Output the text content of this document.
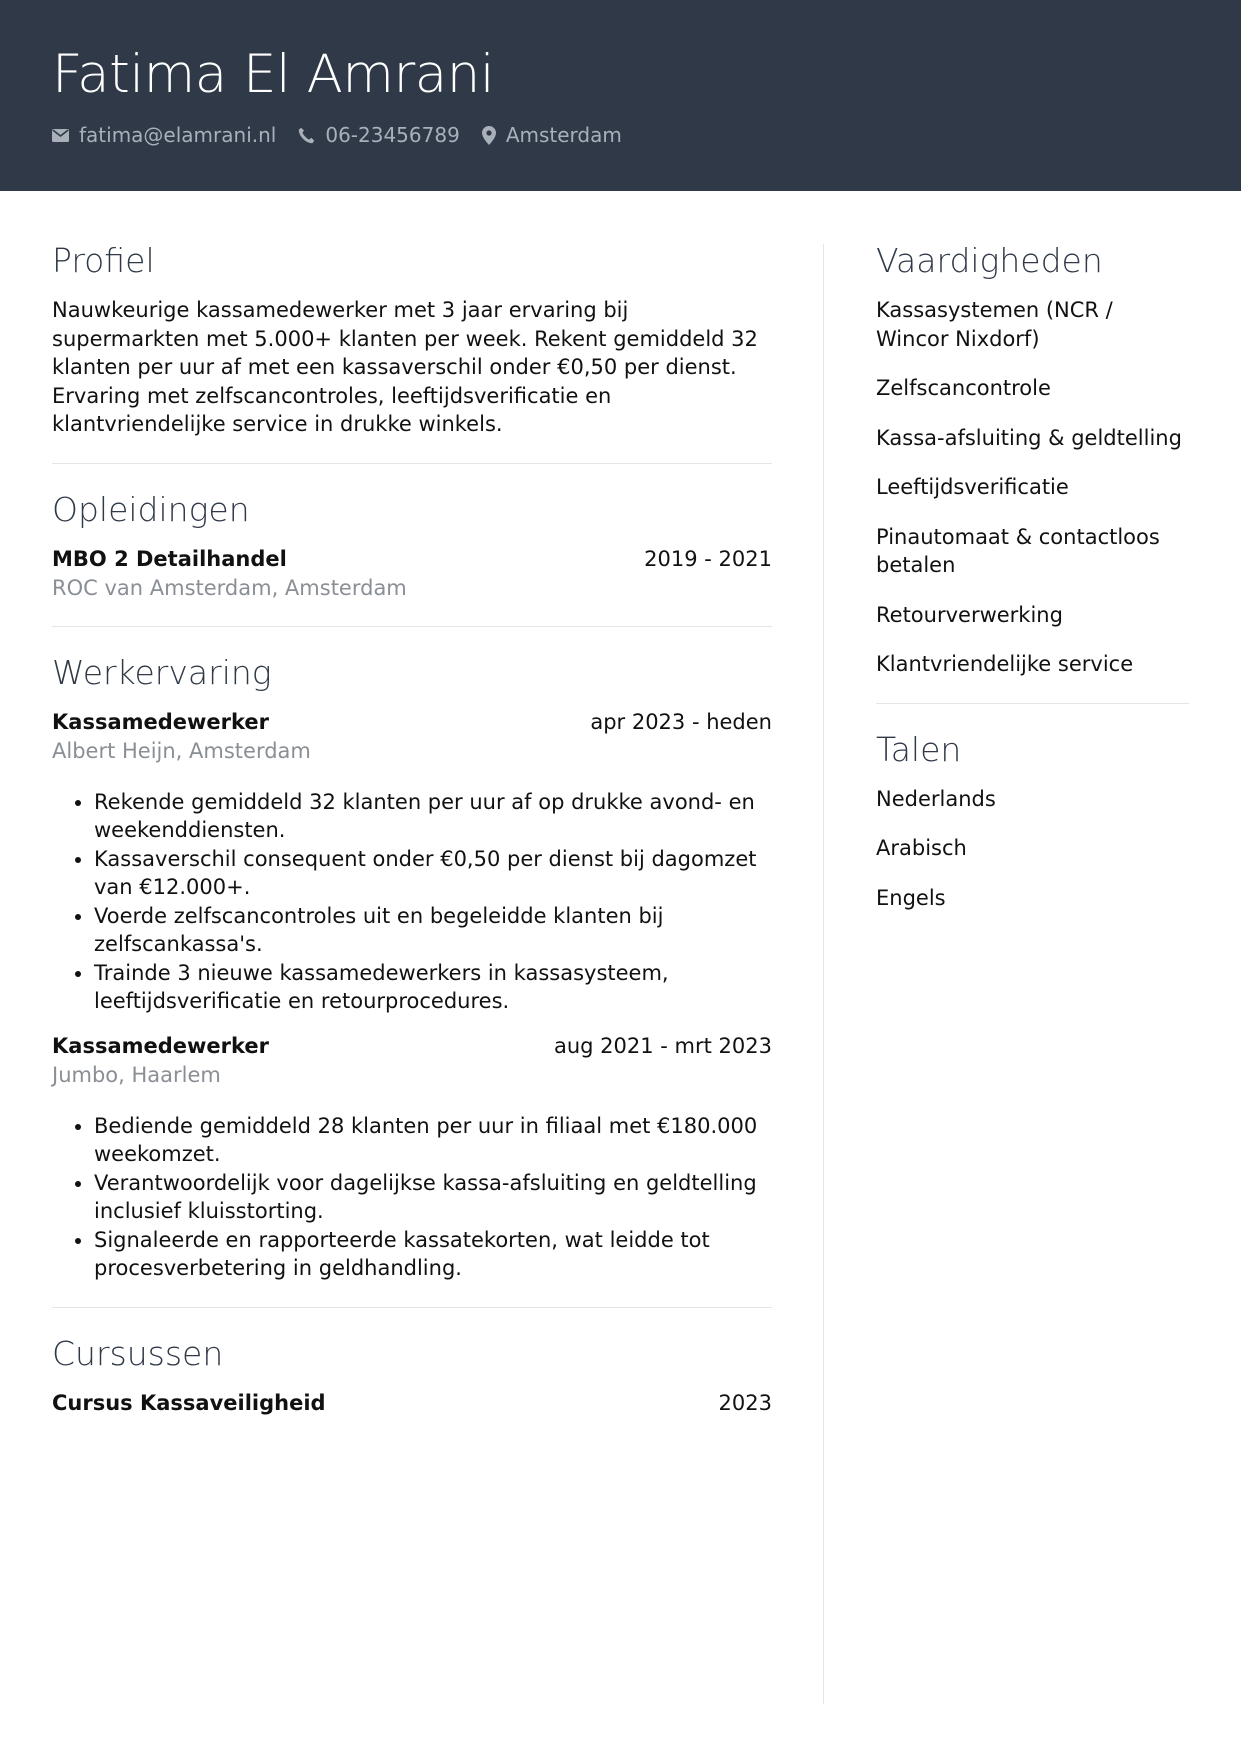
Fatima El Amrani
fatima@elamrani.nl 06-23456789 Amsterdam
Profiel
Nauwkeurige kassamedewerker met 3 jaar ervaring bij supermarkten met 5.000+ klanten per week. Rekent gemiddeld 32 klanten per uur af met een kassaverschil onder €0,50 per dienst. Ervaring met zelfscancontroles, leeftijdsverificatie en klantvriendelijke service in drukke winkels.
Opleidingen
MBO 2 Detailhandel	2019 - 2021
ROC van Amsterdam, Amsterdam
Werkervaring
Kassamedewerker	apr 2023 - heden
Albert Heijn, Amsterdam
• Rekende gemiddeld 32 klanten per uur af op drukke avond- en weekenddiensten.
• Kassaverschil consequent onder €0,50 per dienst bij dagomzet van €12.000+.
• Voerde zelfscancontroles uit en begeleidde klanten bij zelfscankassa's.
• Trainde 3 nieuwe kassamedewerkers in kassasysteem, leeftijdsverificatie en retourprocedures.
Kassamedewerker	aug 2021 - mrt 2023
Jumbo, Haarlem
• Bediende gemiddeld 28 klanten per uur in filiaal met €180.000 weekomzet.
• Verantwoordelijk voor dagelijkse kassa-afsluiting en geldtelling inclusief kluisstorting.
• Signaleerde en rapporteerde kassatekorten, wat leidde tot procesverbetering in geldhandling.
Cursussen
Cursus Kassaveiligheid	2023
Vaardigheden
Kassasystemen (NCR / Wincor Nixdorf)
Zelfscancontrole
Kassa-afsluiting & geldtelling
Leeftijdsverificatie
Pinautomaat & contactloos betalen
Retourverwerking
Klantvriendelijke service
Talen
Nederlands
Arabisch
Engels
